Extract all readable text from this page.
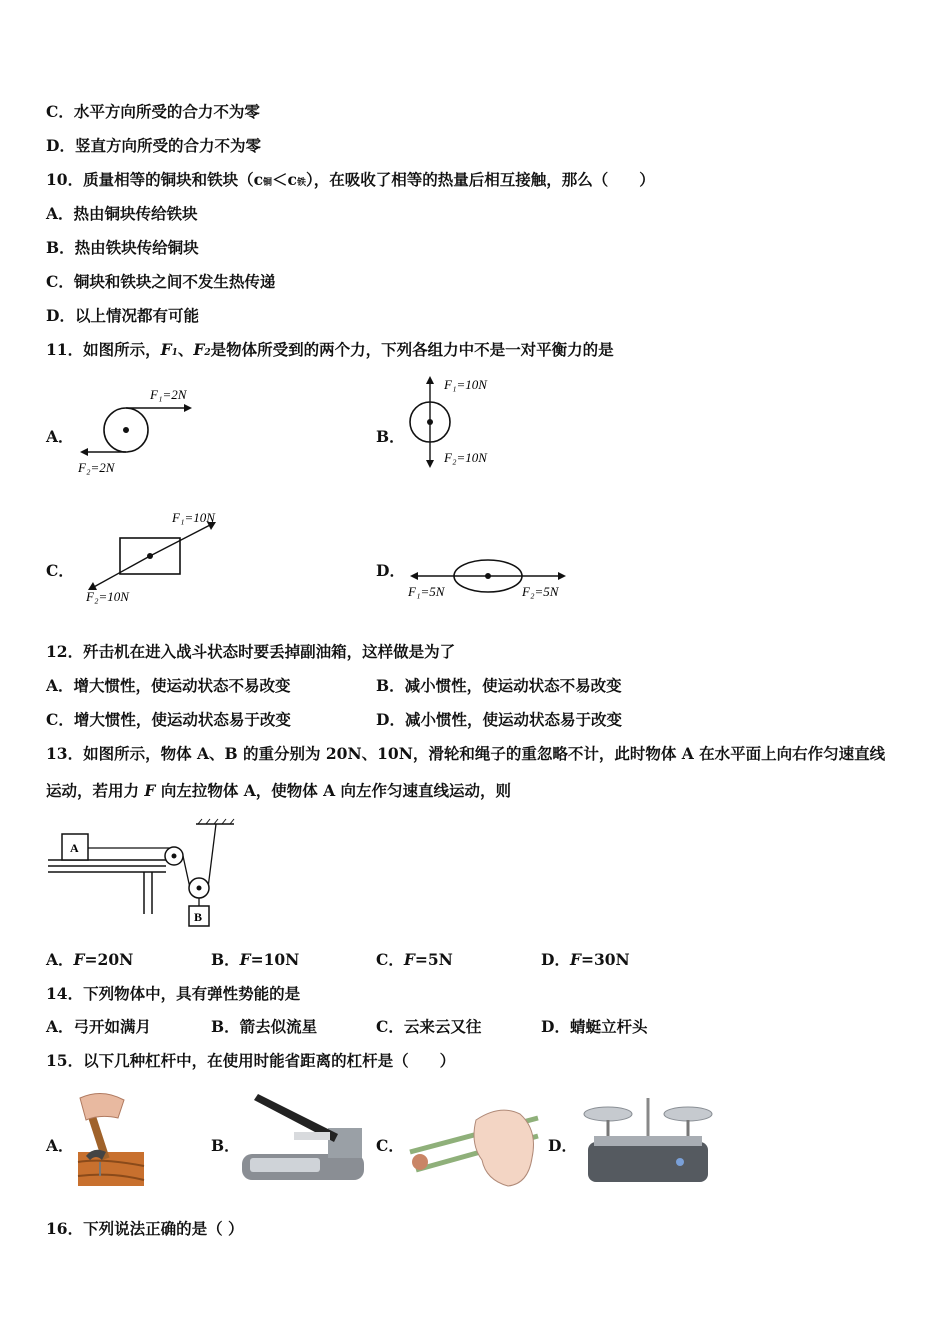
C．水平方向所受的合力不为零
D．竖直方向所受的合力不为零
10．质量相等的铜块和铁块（c铜＜c铁），在吸收了相等的热量后相互接触，那么（　　）
A．热由铜块传给铁块
B．热由铁块传给铜块
C．铜块和铁块之间不发生热传递
D．以上情况都有可能
11．如图所示，F1、F2是物体所受到的两个力，下列各组力中不是一对平衡力的是
A．
F₁=2N
F₂=2N
B．
F₁=10N
F₂=10N
C．
F₁=10N
F₂=10N
D．
F₁=5N	F₂=5N
12．歼击机在进入战斗状态时要丢掉副油箱，这样做是为了
A．增大惯性，使运动状态不易改变	B．减小惯性，使运动状态不易改变
C．增大惯性，使运动状态易于改变	D．减小惯性，使运动状态易于改变
13．如图所示，物体 A、B 的重分别为 20N、10N，滑轮和绳子的重忽略不计，此时物体 A 在水平面上向右作匀速直线
运动，若用力 F 向左拉物体 A，使物体 A 向左作匀速直线运动，则
A
B
A．F=20N	B．F=10N	C．F=5N	D．F=30N
14．下列物体中，具有弹性势能的是
A．弓开如满月	B．箭去似流星	C．云来云又往	D．蜻蜓立杆头
15．以下几种杠杆中，在使用时能省距离的杠杆是（　　）
A．	B．	C．	D．
16．下列说法正确的是（ ）
